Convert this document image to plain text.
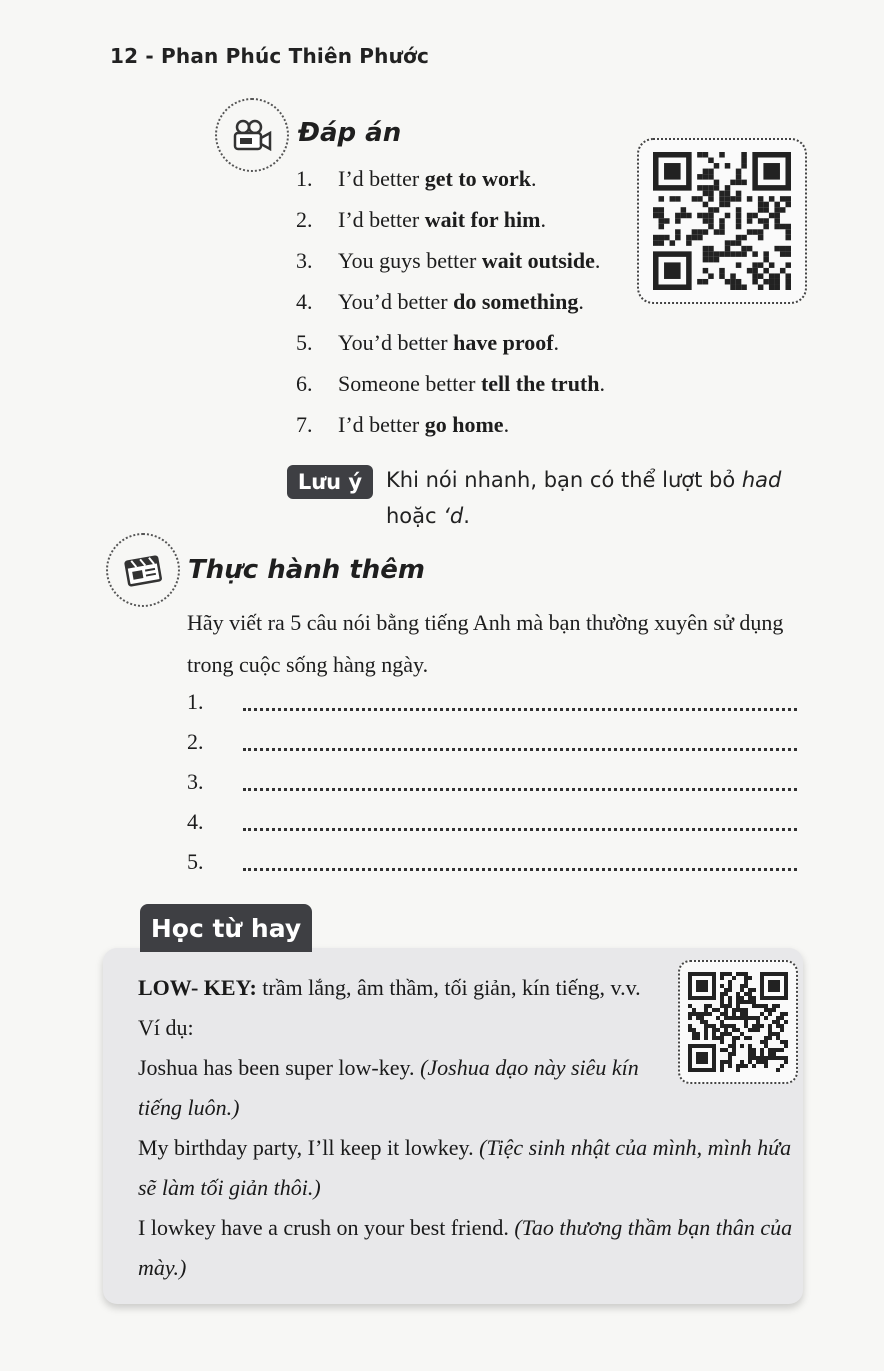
12 - Phan Phúc Thiên Phước
Đáp án
1.	I’d better
get to work .
2.	I’d better
wait for him .
3.	You guys better
wait outside .
4.	You’d better
do something .
5.	You’d better
have proof .
6.	Someone better
tell the truth .
7.	I’d better
go home .
Lưu ý	Khi nói nhanh, bạn có thể lượt bỏ had hoặc ‘d.
Thực hành thêm
Hãy viết ra 5 câu nói bằng tiếng Anh mà bạn thường xuyên sử dụng trong cuộc sống hàng ngày.
1.
2.
3.
4.
5.
Học từ hay

LOW- KEY: trầm lắng, âm thầm, tối giản, kín tiếng, v.v.

Ví dụ:

Joshua has been super low-key. (Joshua dạo này siêu kín tiếng luôn.)

My birthday party, I’ll keep it lowkey. (Tiệc sinh nhật của mình, mình hứa sẽ làm tối giản thôi.)

I lowkey have a crush on your best friend. (Tao thương thầm bạn thân của mày.)
